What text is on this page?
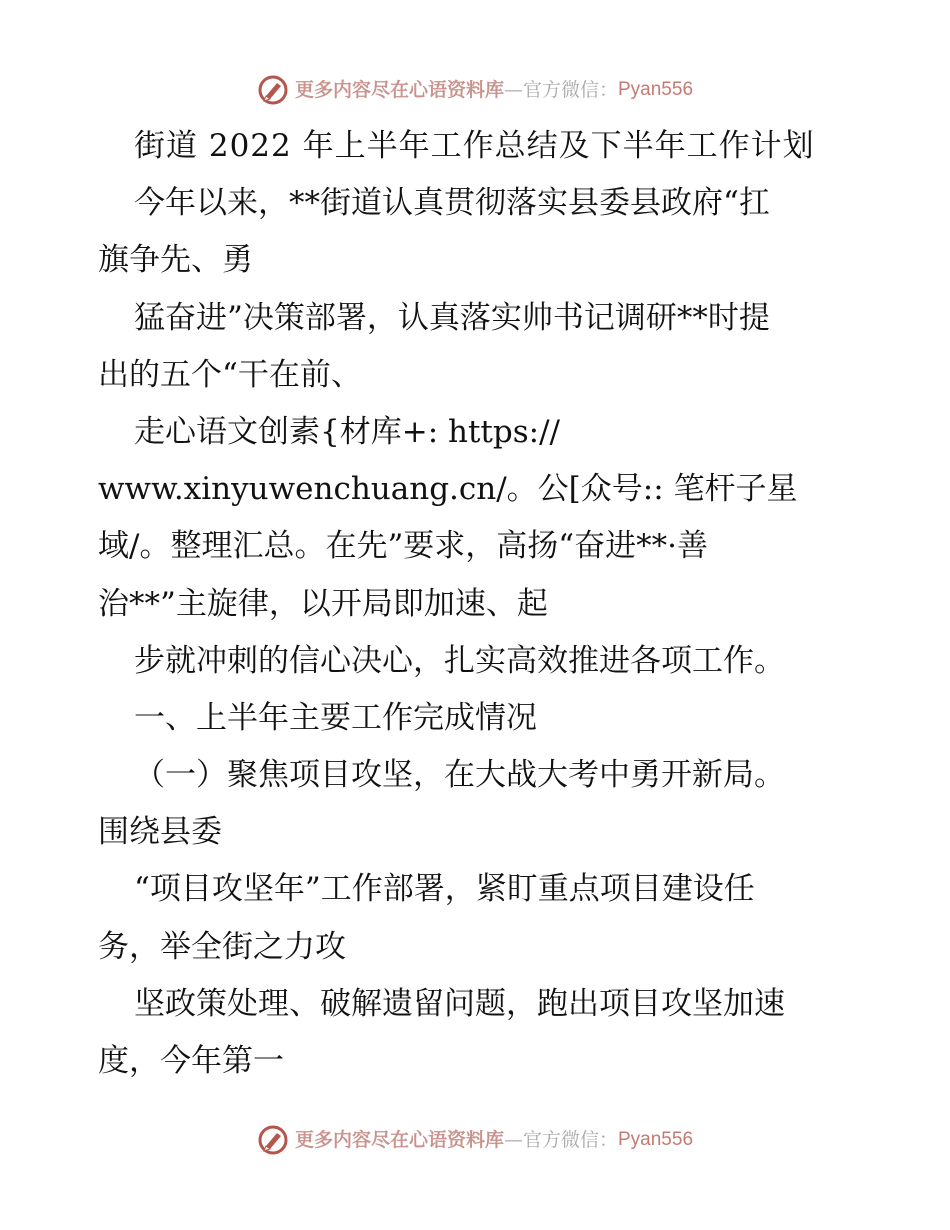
更多内容尽在心语资料库 — 官方微信： Pyan556
街道 2022 年上半年工作总结及下半年工作计划
今年以来，**街道认真贯彻落实县委县政府“扛
旗争先、勇
猛奋进”决策部署，认真落实帅书记调研**时提
出的五个“干在前、
走心语文创素{材库+: https://
www.xinyuwenchuang.cn/。公[众号:: 笔杆子星
域/。整理汇总。在先”要求，高扬“奋进**·善
治**”主旋律，以开局即加速、起
步就冲刺的信心决心，扎实高效推进各项工作。
一、上半年主要工作完成情况
（一）聚焦项目攻坚，在大战大考中勇开新局。
围绕县委
“项目攻坚年”工作部署，紧盯重点项目建设任
务，举全街之力攻
坚政策处理、破解遗留问题，跑出项目攻坚加速
度，今年第一
更多内容尽在心语资料库 — 官方微信： Pyan556
